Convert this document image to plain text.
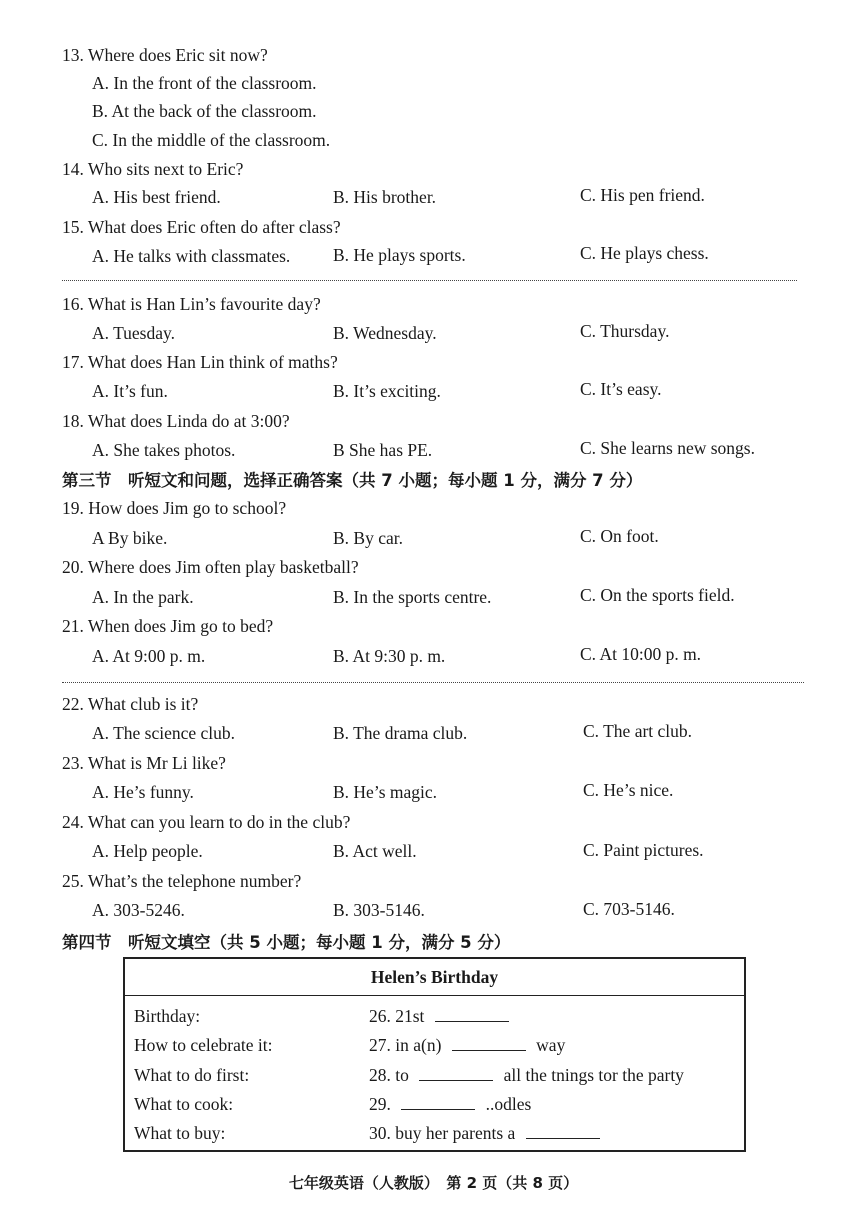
13. Where does Eric sit now?
A. In the front of the classroom.
B. At the back of the classroom.
C. In the middle of the classroom.
14. Who sits next to Eric?
A. His best friend.	B. His brother.	C. His pen friend.
15. What does Eric often do after class?
A. He talks with classmates. B. He plays sports.	C. He plays chess.
16. What is Han Lin’s favourite day?
A. Tuesday.	B. Wednesday.	C. Thursday.
17. What does Han Lin think of maths?
A. It’s fun.	B. It’s exciting.	C. It’s easy.
18. What does Linda do at 3:00?
A. She takes photos.	B She has PE.	C. She learns new songs.
第三节　听短文和问题，选择正确答案（共 7 小题；每小题 1 分，满分 7 分）
19. How does Jim go to school?
A By bike.	B. By car.	C. On foot.
20. Where does Jim often play basketball?
A. In the park.	B. In the sports centre.	C. On the sports field.
21. When does Jim go to bed?
A. At 9:00 p. m.	B. At 9:30 p. m.	C. At 10:00 p. m.
22. What club is it?
A. The science club.	B. The drama club.	C. The art club.
23. What is Mr Li like?
A. He’s funny.	B. He’s magic.	C. He’s nice.
24. What can you learn to do in the club?
A. Help people.	B. Act well.	C. Paint pictures.
25. What’s the telephone number?
A. 303-5246.	B. 303-5146.	C. 703-5146.
第四节　听短文填空（共 5 小题；每小题 1 分，满分 5 分）
Helen’s Birthday
Birthday:	26. 21st
How to celebrate it:	27. in a(n)	way
What to do first:	28. to	all the tnings tor the party
What to cook:	29.	..odles
What to buy:	30. buy her parents a
七年级英语（人教版）　第 2 页（共 8 页）
